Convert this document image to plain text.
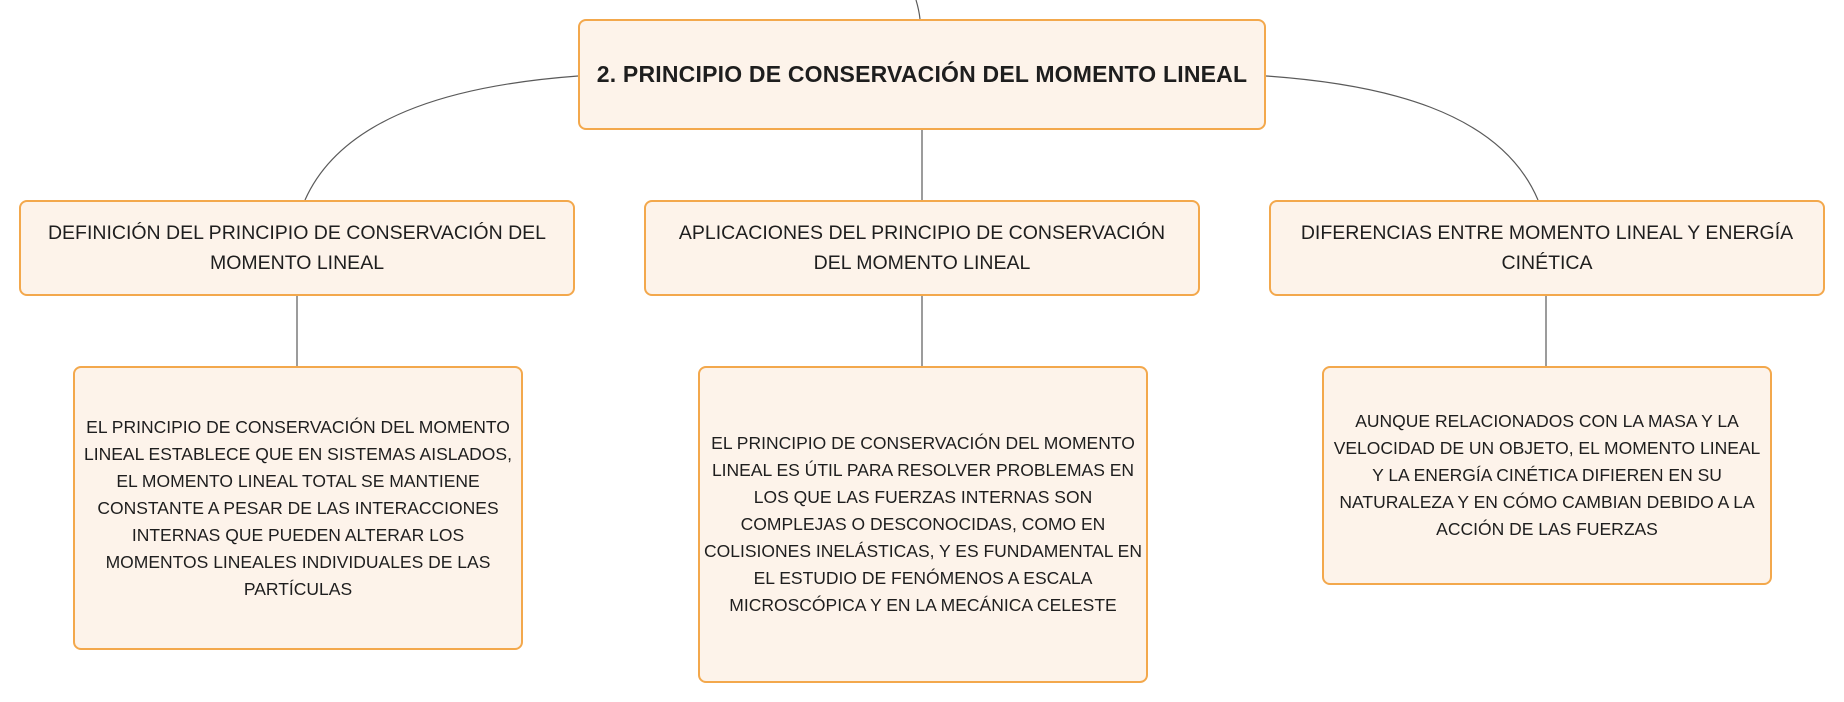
2. PRINCIPIO DE CONSERVACIÓN DEL MOMENTO LINEAL
DEFINICIÓN DEL PRINCIPIO DE CONSERVACIÓN DEL MOMENTO LINEAL
APLICACIONES DEL PRINCIPIO DE CONSERVACIÓN DEL MOMENTO LINEAL
DIFERENCIAS ENTRE MOMENTO LINEAL Y ENERGÍA CINÉTICA
EL PRINCIPIO DE CONSERVACIÓN DEL MOMENTO LINEAL ESTABLECE QUE EN SISTEMAS AISLADOS, EL MOMENTO LINEAL TOTAL SE MANTIENE CONSTANTE A PESAR DE LAS INTERACCIONES INTERNAS QUE PUEDEN ALTERAR LOS MOMENTOS LINEALES INDIVIDUALES DE LAS PARTÍCULAS
EL PRINCIPIO DE CONSERVACIÓN DEL MOMENTO LINEAL ES ÚTIL PARA RESOLVER PROBLEMAS EN LOS QUE LAS FUERZAS INTERNAS SON COMPLEJAS O DESCONOCIDAS, COMO EN COLISIONES INELÁSTICAS, Y ES FUNDAMENTAL EN EL ESTUDIO DE FENÓMENOS A ESCALA MICROSCÓPICA Y EN LA MECÁNICA CELESTE
AUNQUE RELACIONADOS CON LA MASA Y LA VELOCIDAD DE UN OBJETO, EL MOMENTO LINEAL Y LA ENERGÍA CINÉTICA DIFIEREN EN SU NATURALEZA Y EN CÓMO CAMBIAN DEBIDO A LA ACCIÓN DE LAS FUERZAS
